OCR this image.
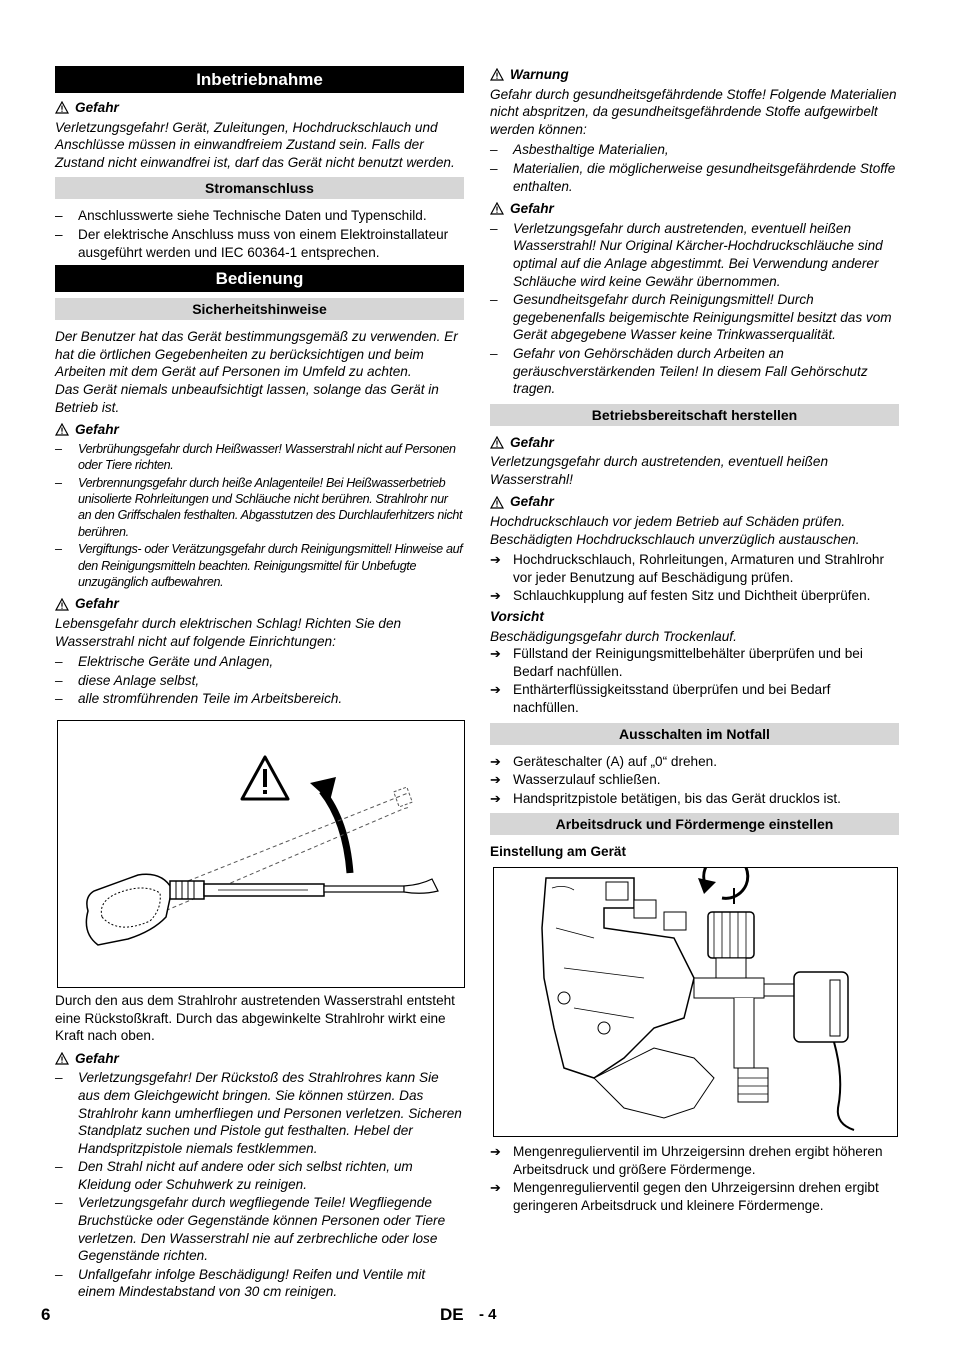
Inbetriebnahme
Gefahr

Verletzungsgefahr! Gerät, Zuleitungen, Hochdruckschlauch und Anschlüsse müssen in einwandfreiem Zustand sein. Falls der Zustand nicht einwandfrei ist, darf das Gerät nicht benutzt werden.

Stromanschluss
–	Anschlusswerte siehe Technische Daten und Typenschild.
–	Der elektrische Anschluss muss von einem Elektroinstallateur ausgeführt werden und IEC 60364-1 entsprechen.
Bedienung
Sicherheitshinweise

Der Benutzer hat das Gerät bestimmungsgemäß zu verwenden. Er hat die örtlichen Gegebenheiten zu berücksichtigen und beim Arbeiten mit dem Gerät auf Personen im Umfeld zu achten.

Das Gerät niemals unbeaufsichtigt lassen, solange das Gerät in Betrieb ist.

Gefahr
–	Verbrühungsgefahr durch Heißwasser! Wasserstrahl nicht auf Personen oder Tiere richten.
–	Verbrennungsgefahr durch heiße Anlagenteile! Bei Heißwasserbetrieb unisolierte Rohrleitungen und Schläuche nicht berühren. Strahlrohr nur an den Griffschalen festhalten. Abgasstutzen des Durchlauferhitzers nicht berühren.
–	Vergiftungs- oder Verätzungsgefahr durch Reinigungsmittel! Hinweise auf den Reinigungsmitteln beachten. Reinigungsmittel für Unbefugte unzugänglich aufbewahren.
Gefahr

Lebensgefahr durch elektrischen Schlag! Richten Sie den Wasserstrahl nicht auf folgende Einrichtungen:

–	Elektrische Geräte und Anlagen,
–	diese Anlage selbst,
–	alle stromführenden Teile im Arbeitsbereich.

Durch den aus dem Strahlrohr austretenden Wasserstrahl entsteht eine Rückstoßkraft. Durch das abgewinkelte Strahlrohr wirkt eine Kraft nach oben.

Gefahr
–	Verletzungsgefahr! Der Rückstoß des Strahlrohres kann Sie aus dem Gleichgewicht bringen. Sie können stürzen. Das Strahlrohr kann umherfliegen und Personen verletzen. Sicheren Standplatz suchen und Pistole gut festhalten. Hebel der Handspritzpistole niemals festklemmen.
–	Den Strahl nicht auf andere oder sich selbst richten, um Kleidung oder Schuhwerk zu reinigen.
–	Verletzungsgefahr durch wegfliegende Teile! Wegfliegende Bruchstücke oder Gegenstände können Personen oder Tiere verletzen. Den Wasserstrahl nie auf zerbrechliche oder lose Gegenstände richten.
–	Unfallgefahr infolge Beschädigung! Reifen und Ventile mit einem Mindestabstand von 30 cm reinigen.
Warnung

Gefahr durch gesundheitsgefährdende Stoffe! Folgende Materialien nicht abspritzen, da gesundheitsgefährdende Stoffe aufgewirbelt werden können:

–	Asbesthaltige Materialien,
–	Materialien, die möglicherweise gesundheitsgefährdende Stoffe enthalten.
Gefahr
–	Verletzungsgefahr durch austretenden, eventuell heißen Wasserstrahl! Nur Original Kärcher-Hochdruckschläuche sind optimal auf die Anlage abgestimmt. Bei Verwendung anderer Schläuche wird keine Gewähr übernommen.
–	Gesundheitsgefahr durch Reinigungsmittel! Durch gegebenenfalls beigemischte Reinigungsmittel besitzt das vom Gerät abgegebene Wasser keine Trinkwasserqualität.
–	Gefahr von Gehörschäden durch Arbeiten an geräuschverstärkenden Teilen! In diesem Fall Gehörschutz tragen.
Betriebsbereitschaft herstellen
Gefahr

Verletzungsgefahr durch austretenden, eventuell heißen Wasserstrahl!

Gefahr

Hochdruckschlauch vor jedem Betrieb auf Schäden prüfen. Beschädigten Hochdruckschlauch unverzüglich austauschen.

➔ Hochdruckschlauch, Rohrleitungen, Armaturen und Strahlrohr vor jeder Benutzung auf Beschädigung prüfen.
➔ Schlauchkupplung auf festen Sitz und Dichtheit überprüfen.
Vorsicht

Beschädigungsgefahr durch Trockenlauf.

➔ Füllstand der Reinigungsmittelbehälter überprüfen und bei Bedarf nachfüllen.
➔ Enthärterflüssigkeitsstand überprüfen und bei Bedarf nachfüllen.
Ausschalten im Notfall
➔ Geräteschalter (A) auf „0“ drehen.
➔ Wasserzulauf schließen.
➔ Handspritzpistole betätigen, bis das Gerät drucklos ist.
Arbeitsdruck und Fördermenge einstellen
Einstellung am Gerät
➔ Mengenregulierventil im Uhrzeigersinn drehen ergibt höheren Arbeitsdruck und größere Fördermenge.
➔ Mengenregulierventil gegen den Uhrzeigersinn drehen ergibt geringeren Arbeitsdruck und kleinere Fördermenge.
6	DE - 4
